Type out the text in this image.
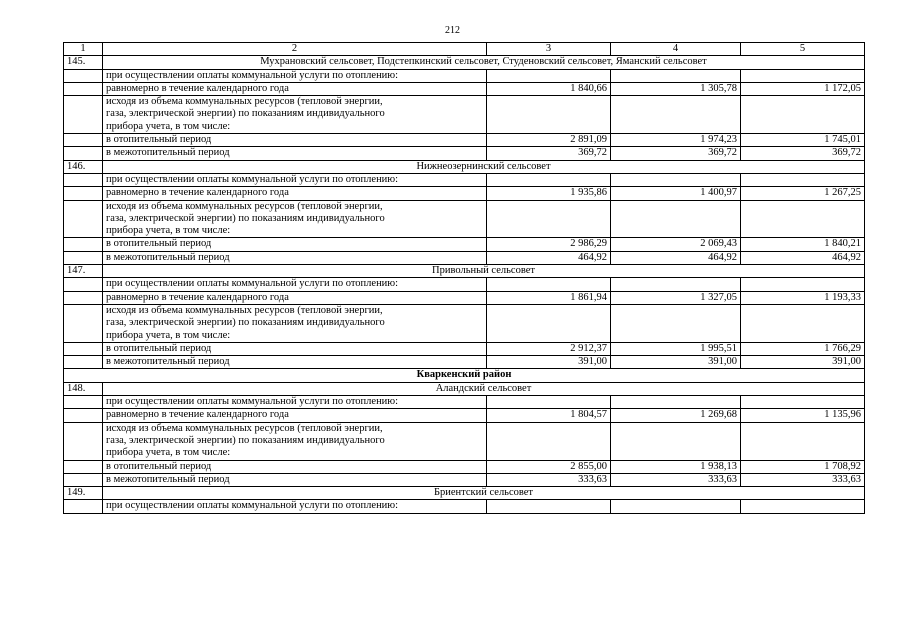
212
1	2	3	4	5
145.	Мухрановский сельсовет, Подстепкинский сельсовет, Студеновский сельсовет, Яманский сельсовет			
	при осуществлении оплаты коммунальной услуги по отоплению:			
	равномерно в течение календарного года	1 840,66	1 305,78	1 172,05

	исходя из объема коммунальных ресурсов (тепловой энергии,
газа, электрической энергии) по показаниям индивидуального
прибора учета, в том числе:			

	в отопительный период	2 891,09	1 974,23	1 745,01
	в межотопительный период	369,72	369,72	369,72
146.	Нижнеозернинский сельсовет			
	при осуществлении оплаты коммунальной услуги по отоплению:			
	равномерно в течение календарного года	1 935,86	1 400,97	1 267,25

	исходя из объема коммунальных ресурсов (тепловой энергии,
газа, электрической энергии) по показаниям индивидуального
прибора учета, в том числе:			

	в отопительный период	2 986,29	2 069,43	1 840,21
	в межотопительный период	464,92	464,92	464,92
147.	Привольный сельсовет			
	при осуществлении оплаты коммунальной услуги по отоплению:			
	равномерно в течение календарного года	1 861,94	1 327,05	1 193,33

	исходя из объема коммунальных ресурсов (тепловой энергии,
газа, электрической энергии) по показаниям индивидуального
прибора учета, в том числе:			

	в отопительный период	2 912,37	1 995,51	1 766,29
	в межотопительный период	391,00	391,00	391,00
Кваркенский район				
148.	Аландский сельсовет			
	при осуществлении оплаты коммунальной услуги по отоплению:			
	равномерно в течение календарного года	1 804,57	1 269,68	1 135,96

	исходя из объема коммунальных ресурсов (тепловой энергии,
газа, электрической энергии) по показаниям индивидуального
прибора учета, в том числе:			

	в отопительный период	2 855,00	1 938,13	1 708,92
	в межотопительный период	333,63	333,63	333,63
149.	Бриентский сельсовет			
	при осуществлении оплаты коммунальной услуги по отоплению:			
